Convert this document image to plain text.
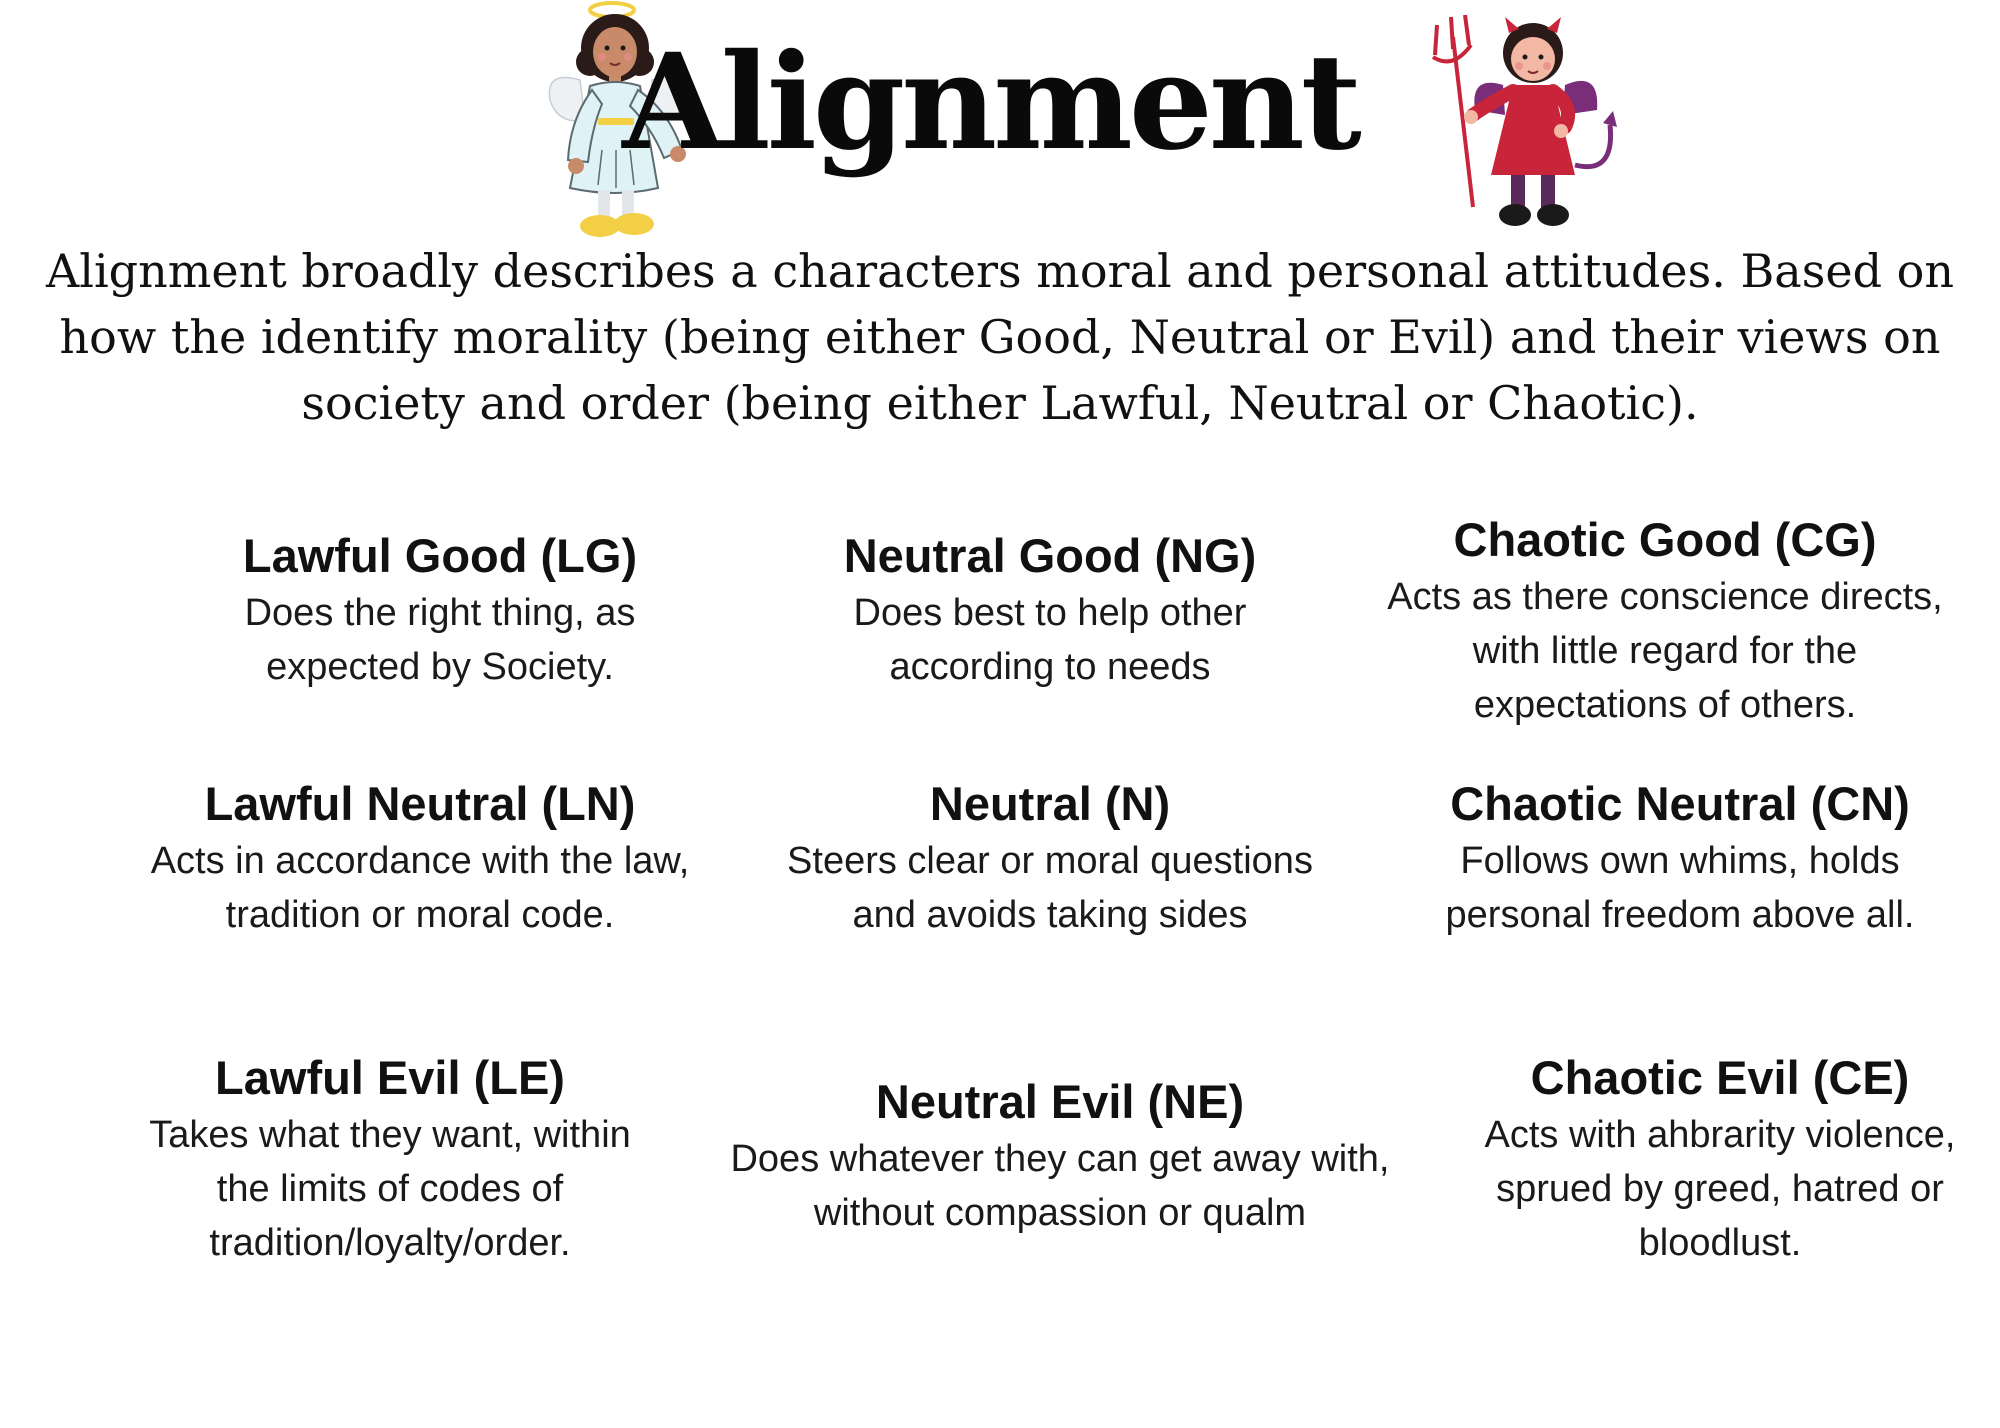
Alignment

Alignment broadly describes a characters moral and personal attitudes. Based on how the identify morality (being either Good, Neutral or Evil) and their views on society and order (being either Lawful, Neutral or Chaotic).

Lawful Good (LG)

Does the right thing, as
expected by Society.

Neutral Good (NG)

Does best to help other
according to needs

Chaotic Good (CG)

Acts as there conscience directs,
with little regard for the
expectations of others.

Lawful Neutral (LN)

Acts in accordance with the law,
tradition or moral code.

Neutral (N)

Steers clear or moral questions
and avoids taking sides

Chaotic Neutral (CN)

Follows own whims, holds
personal freedom above all.

Lawful Evil (LE)

Takes what they want, within
the limits of codes of
tradition/loyalty/order.

Neutral Evil (NE)

Does whatever they can get away with,
without compassion or qualm

Chaotic Evil (CE)

Acts with ahbrarity violence,
sprued by greed, hatred or
bloodlust.
